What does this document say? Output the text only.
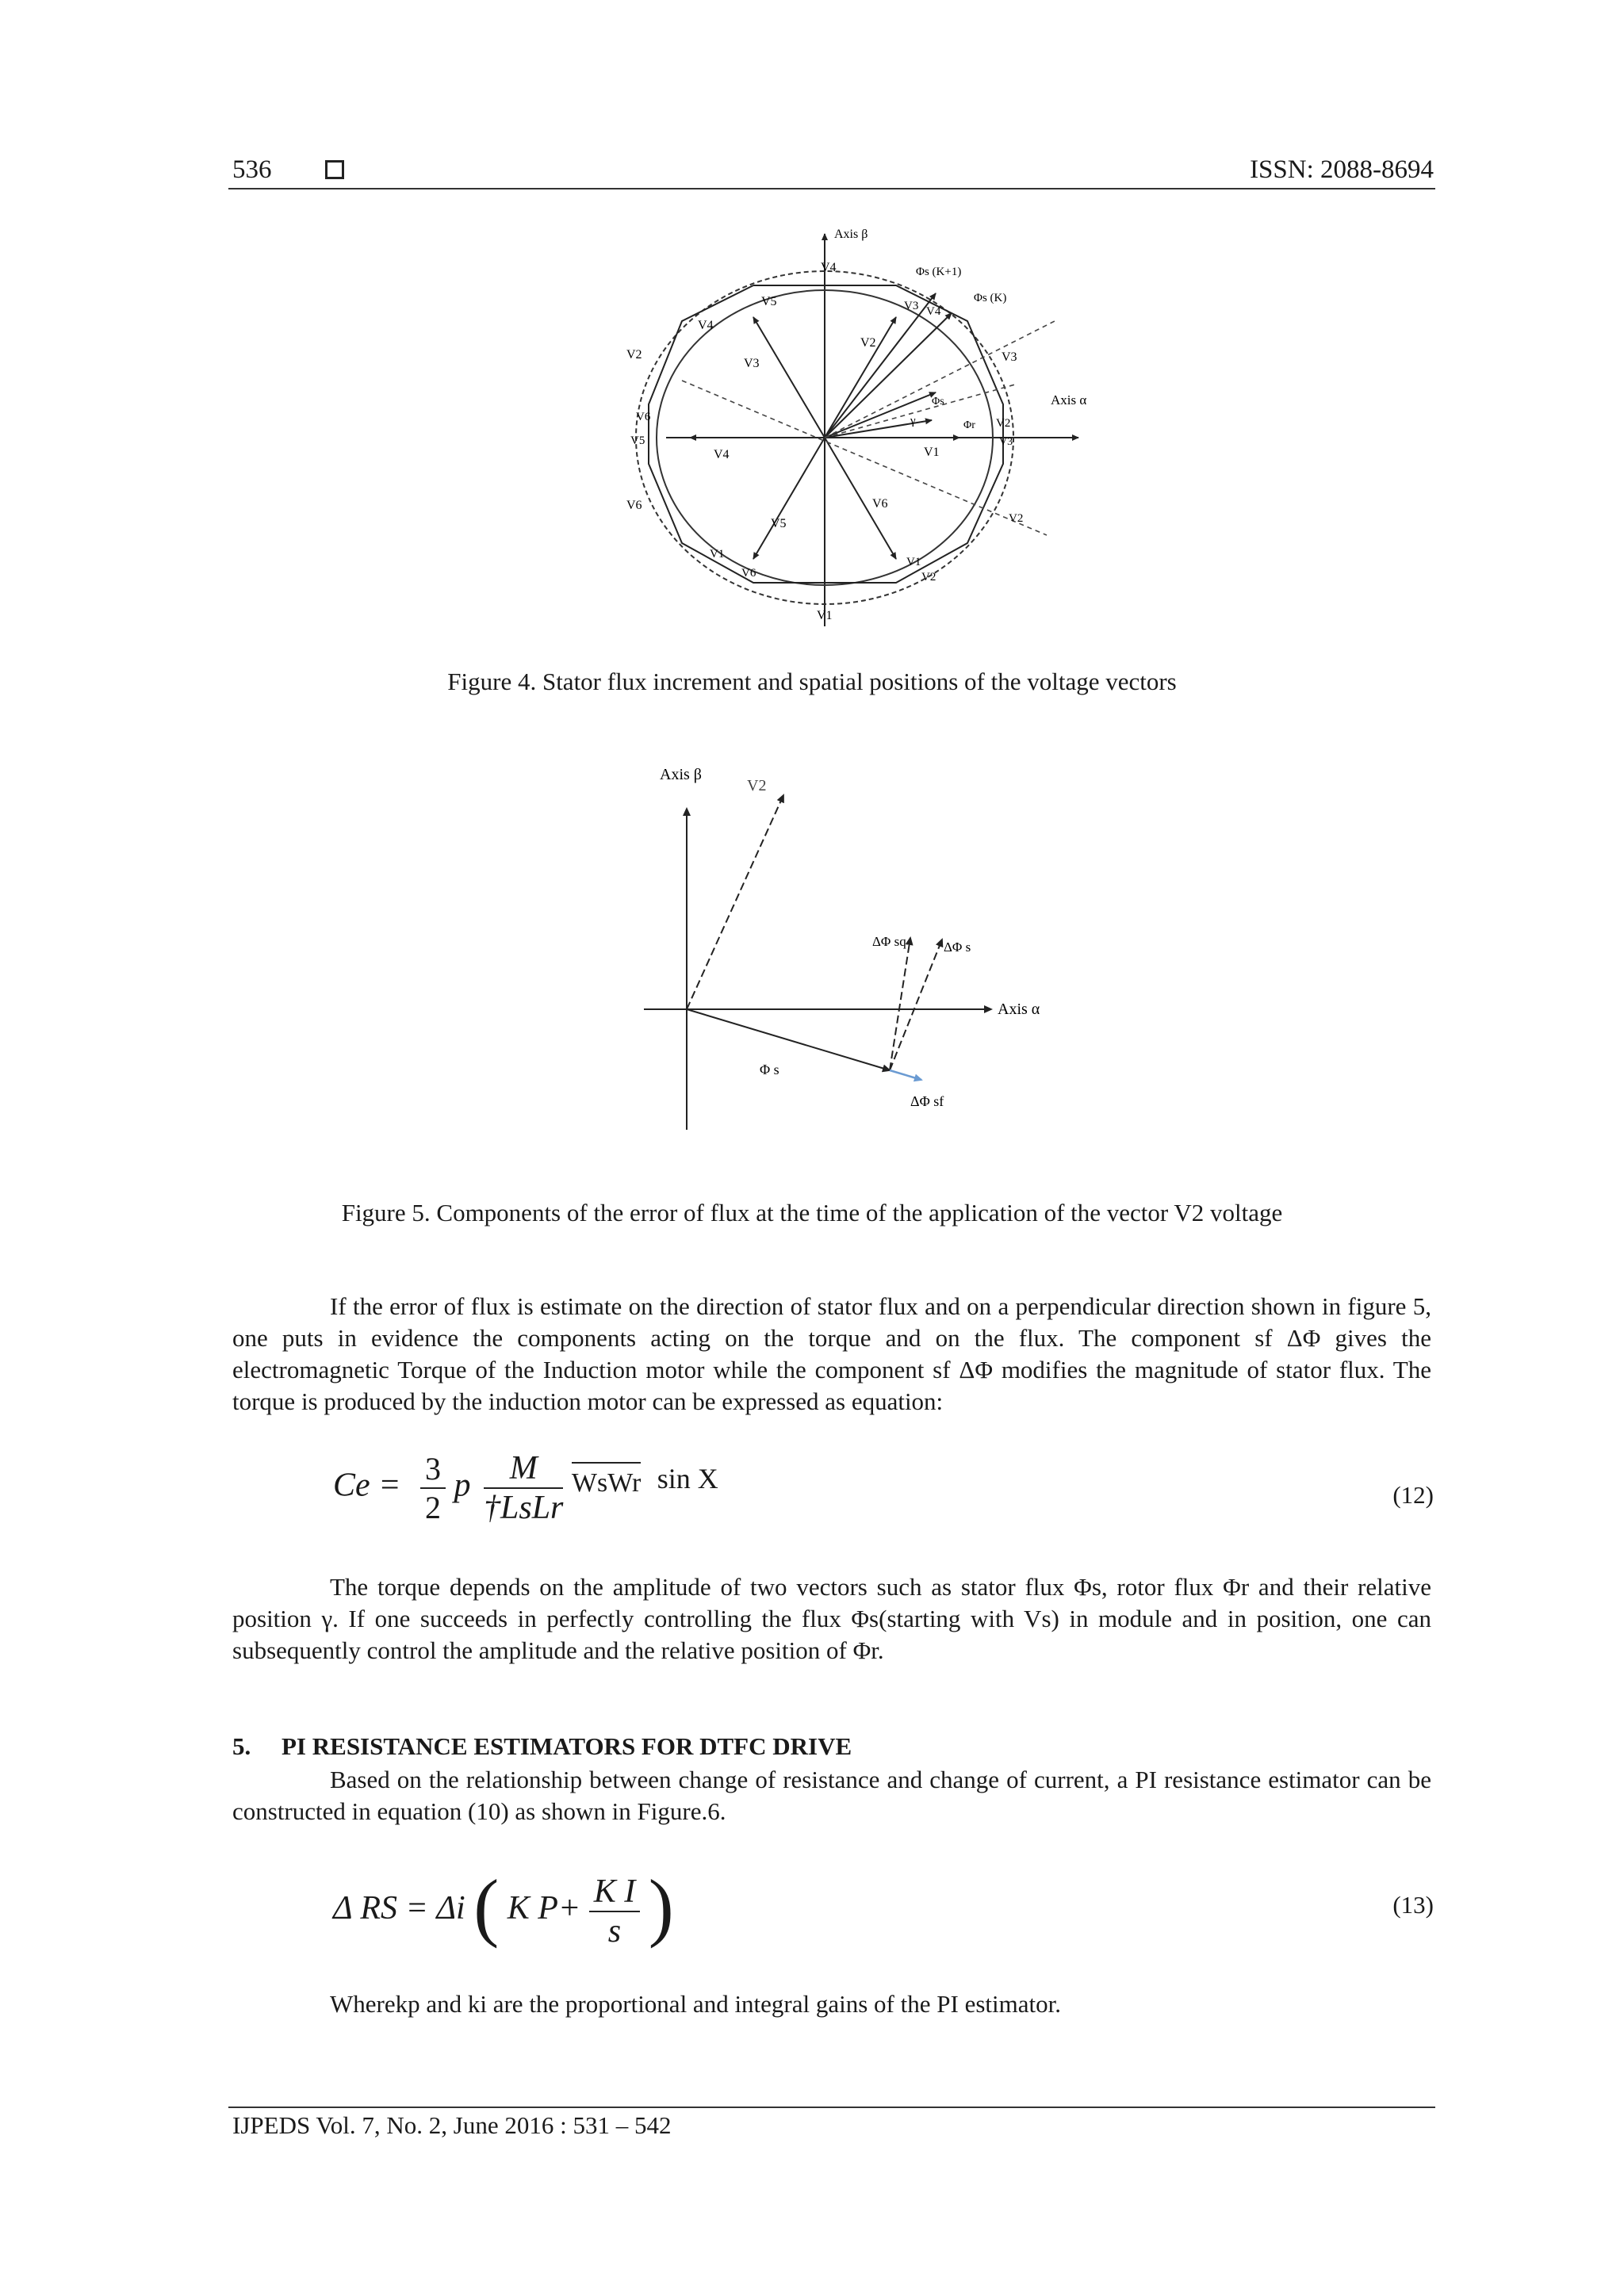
536	ISSN: 2088-8694
Axis β
Axis α
Φs (K+1)
Φs (K)
Φs
Φr
γ
V4
V5
V4
V2
V6
V5
V6
V1
V6
V1
V1
V2
V2
V3
V3 V4
V2
V3
V2
V3
V4	V1
V6
V5
Figure 4. Stator flux increment and spatial positions of the voltage vectors
Axis β
V2
ΔΦ sq	ΔΦ s
Axis α
Φ s
ΔΦ sf
Figure 5. Components of the error of flux at the time of the application of the vector V2 voltage

If the error of flux is estimate on the direction of stator flux and on a perpendicular direction shown in figure 5, one puts in evidence the components acting on the torque and on the flux. The component sf ΔΦ gives the electromagnetic Torque of the Induction motor while the component sf ΔΦ modifies the magnitude of stator flux. The torque is produced by the induction motor can be expressed as equation:

$Ce = \frac{3}{2}$ p $\frac{M}{\text{†LsLr}}$ WsWr sin X
(12)

The torque depends on the amplitude of two vectors such as stator flux Φs, rotor flux Φr and their relative position γ. If one succeeds in perfectly controlling the flux Φs(starting with Vs) in module and in position, one can subsequently control the amplitude and the relative position of Φr.

5.     PI RESISTANCE ESTIMATORS FOR DTFC DRIVE

Based on the relationship between change of resistance and change of current, a PI resistance estimator can be constructed in equation (10) as shown in Figure.6.

Δ RS = Δi ( K $P+ \frac{\text{K I}}{s}$ )	(13)

Wherekp and ki are the proportional and integral gains of the PI estimator.

IJPEDS Vol. 7, No. 2, June 2016 : 531 – 542
